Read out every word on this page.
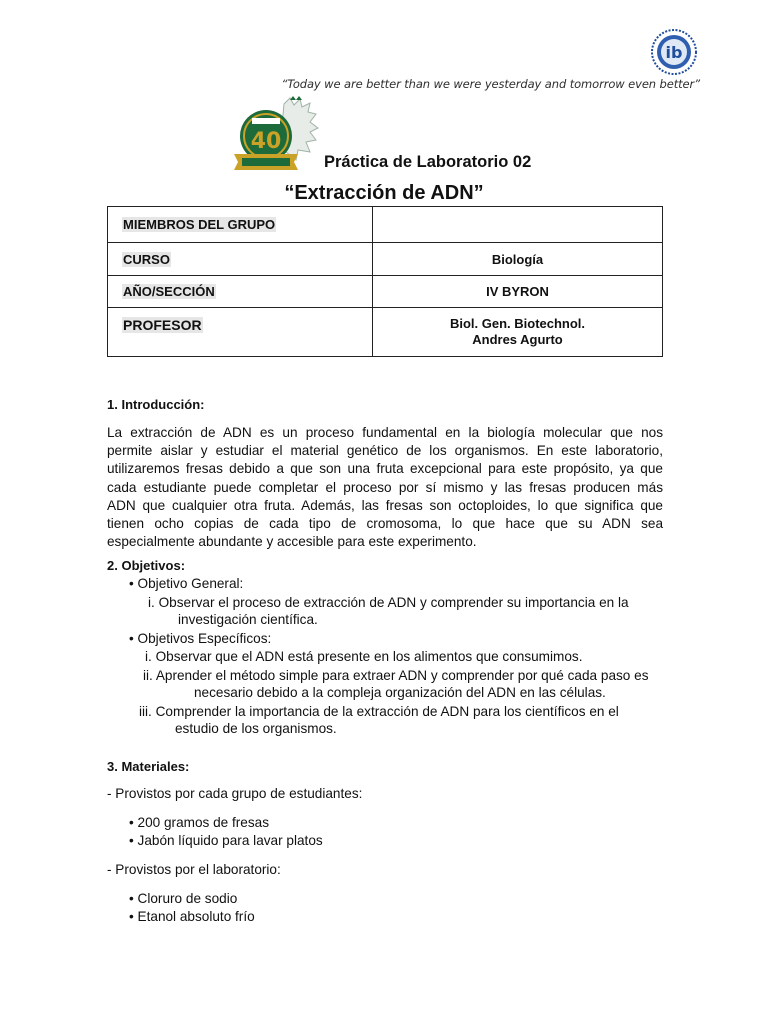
ib
“Today we are better than we were yesterday and tomorrow even better”
40
Práctica de Laboratorio 02
“Extracción de ADN”
MIEMBROS DEL GRUPO	
CURSO	Biología
AÑO/SECCIÓN	IV BYRON
PROFESOR	Biol. Gen. Biotechnol.
Andres Agurto
1. Introducción:
La extracción de ADN es un proceso fundamental en la biología molecular que nos
permite aislar y estudiar el material genético de los organismos. En este laboratorio,
utilizaremos fresas debido a que son una fruta excepcional para este propósito, ya que
cada estudiante puede completar el proceso por sí mismo y las fresas producen más
ADN que cualquier otra fruta. Además, las fresas son octoploides, lo que significa que
tienen ocho copias de cada tipo de cromosoma, lo que hace que su ADN sea
especialmente abundante y accesible para este experimento.
2. Objetivos:
• Objetivo General:
i. Observar el proceso de extracción de ADN y comprender su importancia en la
investigación científica.
• Objetivos Específicos:
i. Observar que el ADN está presente en los alimentos que consumimos.
ii. Aprender el método simple para extraer ADN y comprender por qué cada paso es
necesario debido a la compleja organización del ADN en las células.
iii. Comprender la importancia de la extracción de ADN para los científicos en el
estudio de los organismos.
3. Materiales:
- Provistos por cada grupo de estudiantes:
• 200 gramos de fresas
• Jabón líquido para lavar platos
- Provistos por el laboratorio:
• Cloruro de sodio
• Etanol absoluto frío
